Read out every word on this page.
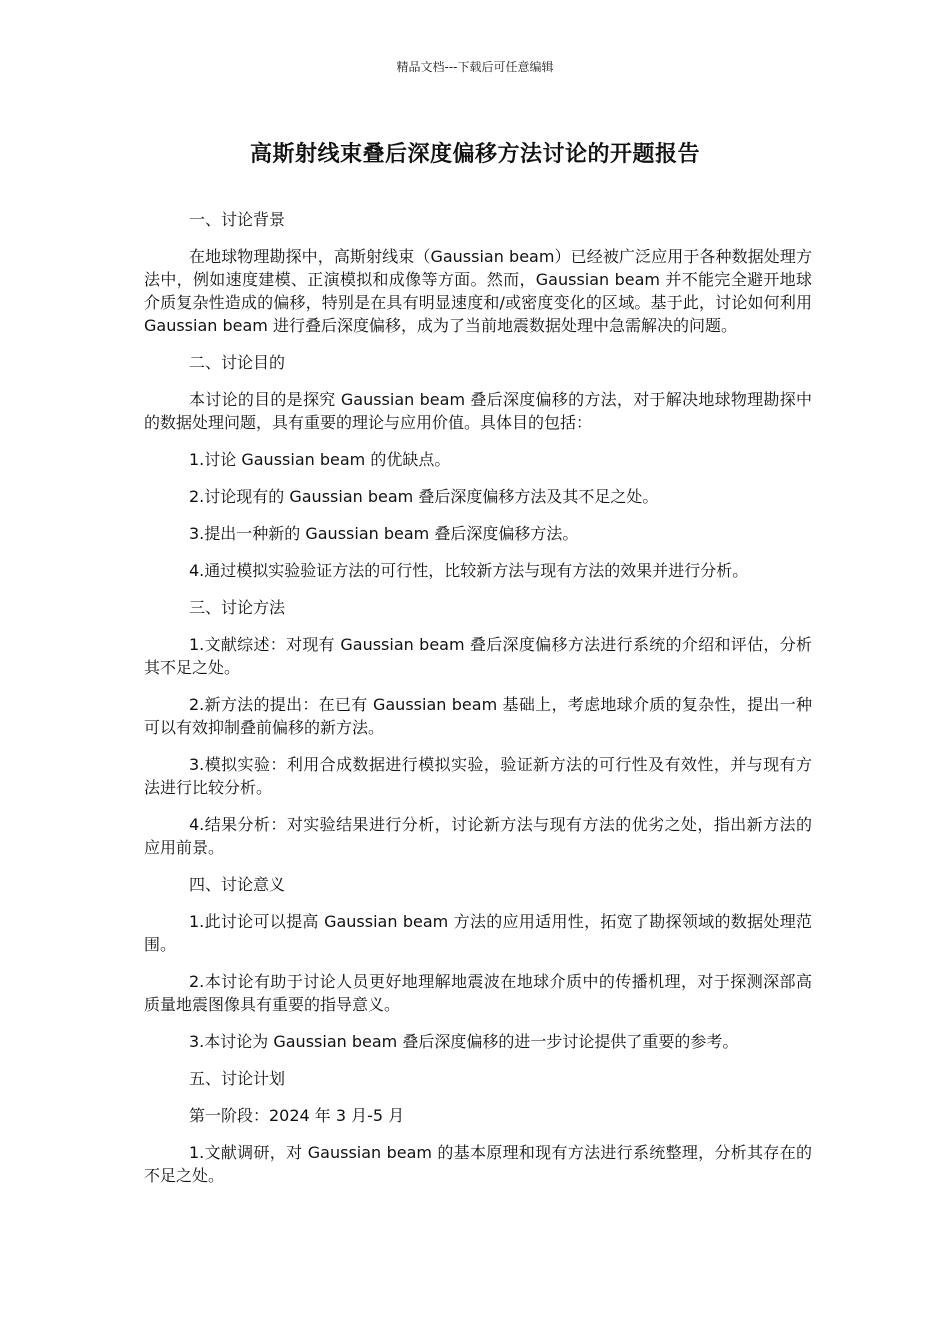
精品文档---下载后可任意编辑
高斯射线束叠后深度偏移方法讨论的开题报告
一、讨论背景
在地球物理勘探中，高斯射线束（Gaussian beam）已经被广泛应用于各种数据处理方法中，例如速度建模、正演模拟和成像等方面。然而，Gaussian beam 并不能完全避开地球介质复杂性造成的偏移，特别是在具有明显速度和/或密度变化的区域。基于此，讨论如何利用 Gaussian beam 进行叠后深度偏移，成为了当前地震数据处理中急需解决的问题。
二、讨论目的
本讨论的目的是探究 Gaussian beam 叠后深度偏移的方法，对于解决地球物理勘探中的数据处理问题，具有重要的理论与应用价值。具体目的包括：
1.讨论 Gaussian beam 的优缺点。
2.讨论现有的 Gaussian beam 叠后深度偏移方法及其不足之处。
3.提出一种新的 Gaussian beam 叠后深度偏移方法。
4.通过模拟实验验证方法的可行性，比较新方法与现有方法的效果并进行分析。
三、讨论方法
1.文献综述：对现有 Gaussian beam 叠后深度偏移方法进行系统的介绍和评估，分析其不足之处。
2.新方法的提出：在已有 Gaussian beam 基础上，考虑地球介质的复杂性，提出一种可以有效抑制叠前偏移的新方法。
3.模拟实验：利用合成数据进行模拟实验，验证新方法的可行性及有效性，并与现有方法进行比较分析。
4.结果分析：对实验结果进行分析，讨论新方法与现有方法的优劣之处，指出新方法的应用前景。
四、讨论意义
1.此讨论可以提高 Gaussian beam 方法的应用适用性，拓宽了勘探领域的数据处理范围。
2.本讨论有助于讨论人员更好地理解地震波在地球介质中的传播机理，对于探测深部高质量地震图像具有重要的指导意义。
3.本讨论为 Gaussian beam 叠后深度偏移的进一步讨论提供了重要的参考。
五、讨论计划
第一阶段：2024 年 3 月-5 月
1.文献调研，对 Gaussian beam 的基本原理和现有方法进行系统整理，分析其存在的不足之处。
